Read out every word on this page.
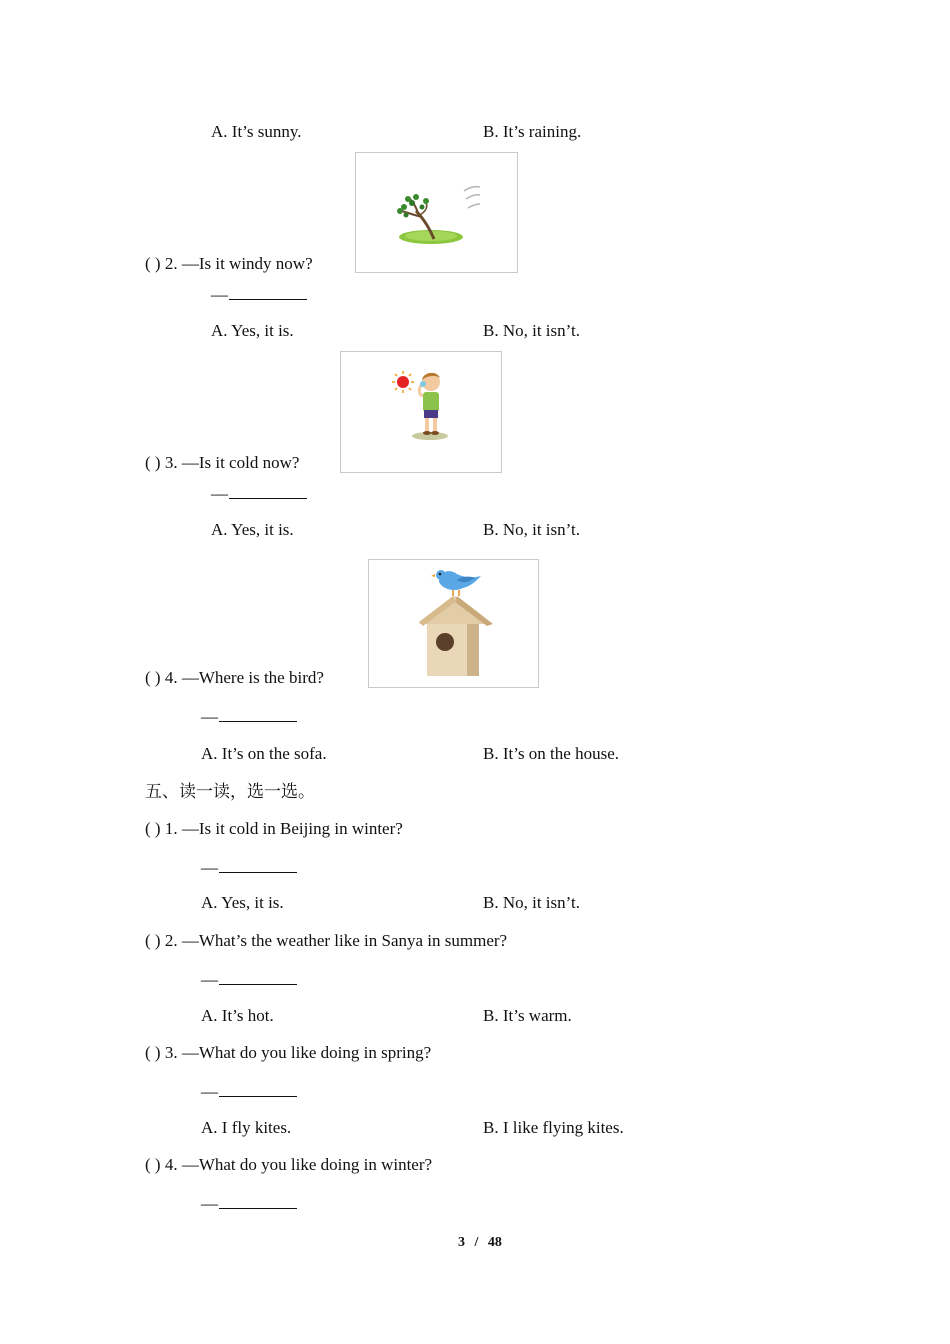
A. It’s sunny.	B. It’s raining.
( ) 2. —Is it windy now?
—
A. Yes, it is.	B. No, it isn’t.
( ) 3. —Is it cold now?
—
A. Yes, it is.	B. No, it isn’t.
( ) 4. —Where is the bird?
—
A. It’s on the sofa.	B. It’s on the house.
五、读一读，选一选。
( ) 1. —Is it cold in Beijing in winter?
—
A. Yes, it is.	B. No, it isn’t.
( ) 2. —What’s the weather like in Sanya in summer?
—
A. It’s hot.	B. It’s warm.
( ) 3. —What do you like doing in spring?
—
A. I fly kites.	B. I like flying kites.
( ) 4. —What do you like doing in winter?
—
3 / 48
